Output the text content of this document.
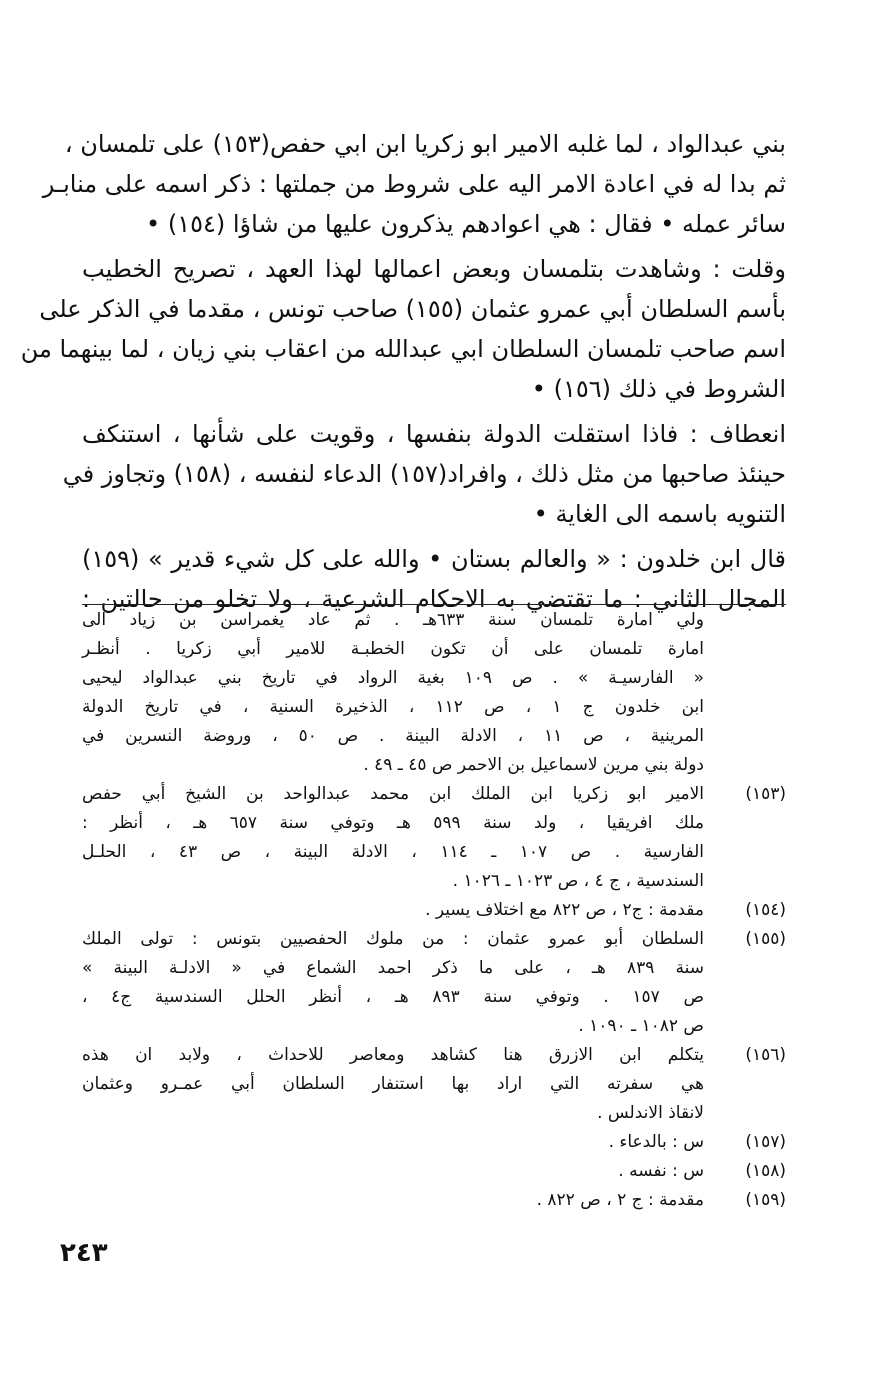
بني عبدالواد ، لما غلبه الامير ابو زكريا ابن ابي حفص(١٥٣) على تلمسان ،
ثم بدا له في اعادة الامر اليه على شروط من جملتها : ذكر اسمه على منابـر
سائر عمله • فقال : هي اعوادهم يذكرون عليها من شاؤا (١٥٤) •
وقلت : وشاهدت بتلمسان وبعض اعمالها لهذا العهد ، تصريح الخطيب
بأسم السلطان أبي عمرو عثمان (١٥٥) صاحب تونس ، مقدما في الذكر على
اسم صاحب تلمسان السلطان ابي عبدالله من اعقاب بني زيان ، لما بينهما من
الشروط في ذلك (١٥٦) •
انعطاف : فاذا استقلت الدولة بنفسها ، وقويت على شأنها ، استنكف
حينئذ صاحبها من مثل ذلك ، وافراد(١٥٧) الدعاء لنفسه ، (١٥٨) وتجاوز في
التنويه باسمه الى الغاية •
قال ابن خلدون : « والعالم بستان • والله على كل شيء قدير » (١٥٩)
المجال الثاني : ما تقتضي به الاحكام الشرعية ، ولا تخلو من حالتين :
ولي امارة تلمسان سنة ٦٣٣هـ . ثم عاد يغمراسن بن زياد الى
امارة تلمسان على أن تكون الخطبـة للامير أبي زكريا . أنظـر
« الفارسيـة » . ص ١٠٩ بغية الرواد في تاريخ بني عبدالواد ليحيى
ابن خلدون ج ١ ، ص ١١٢ ، الذخيرة السنية ، في تاريخ الدولة
المرينية ، ص ١١ ، الادلة البينة . ص ٥٠ ، وروضة النسرين في
دولة بني مرين لاسماعيل بن الاحمر ص ٤٥ ـ ٤٩ .
(١٥٣)
الامير ابو زكريا ابن الملك ابن محمد عبدالواحد بن الشيخ أبي حفص
ملك افريقيا ، ولد سنة ٥٩٩ هـ وتوفي سنة ٦٥٧ هـ ، أنظر :
الفارسية . ص ١٠٧ ـ ١١٤ ، الادلة البينة ، ص ٤٣ ، الحلـل
السندسية ، ج ٤ ، ص ١٠٢٣ ـ ١٠٢٦ .
(١٥٤)
مقدمة : ج٢ ، ص ٨٢٢ مع اختلاف يسير .
(١٥٥)
السلطان أبو عمرو عثمان : من ملوك الحفصيين بتونس : تولى الملك
سنة ٨٣٩ هـ ، على ما ذكر احمد الشماع في « الادلـة البينة »
ص ١٥٧ . وتوفي سنة ٨٩٣ هـ ، أنظر الحلل السندسية ج٤ ،
ص ١٠٨٢ ـ ١٠٩٠ .
(١٥٦)
يتكلم ابن الازرق هنا كشاهد ومعاصر للاحداث ، ولابد ان هذه
هي سفرته التي اراد بها استنفار السلطان أبي عمـرو وعثمان
لانقاذ الاندلس .
(١٥٧)
س : بالدعاء .
(١٥٨)
س : نفسه .
(١٥٩)
مقدمة : ج ٢ ، ص ٨٢٢ .
٢٤٣
